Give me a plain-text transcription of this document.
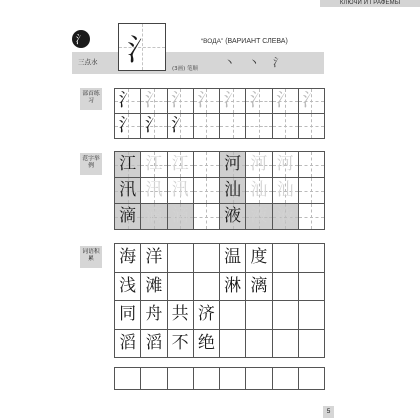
КЛЮЧИ И ГРАФЕМЫ
氵 氵
三点水
“ВОДА” (ВАРИАНТ СЛЕВА)
(3画) 笔顺 丶 丶 氵
部首练习	氵 氵 氵 氵 氵 氵 氵 氵
氵 氵 氵
范字举例	江 江 江 河 河 河
汛 汛 汛 汕 汕 汕
滴 滴 滴 液 液 液
词语积累	海 洋	温 度
浅 滩	淋 漓
同 舟 共 济
滔 滔 不 绝
5
